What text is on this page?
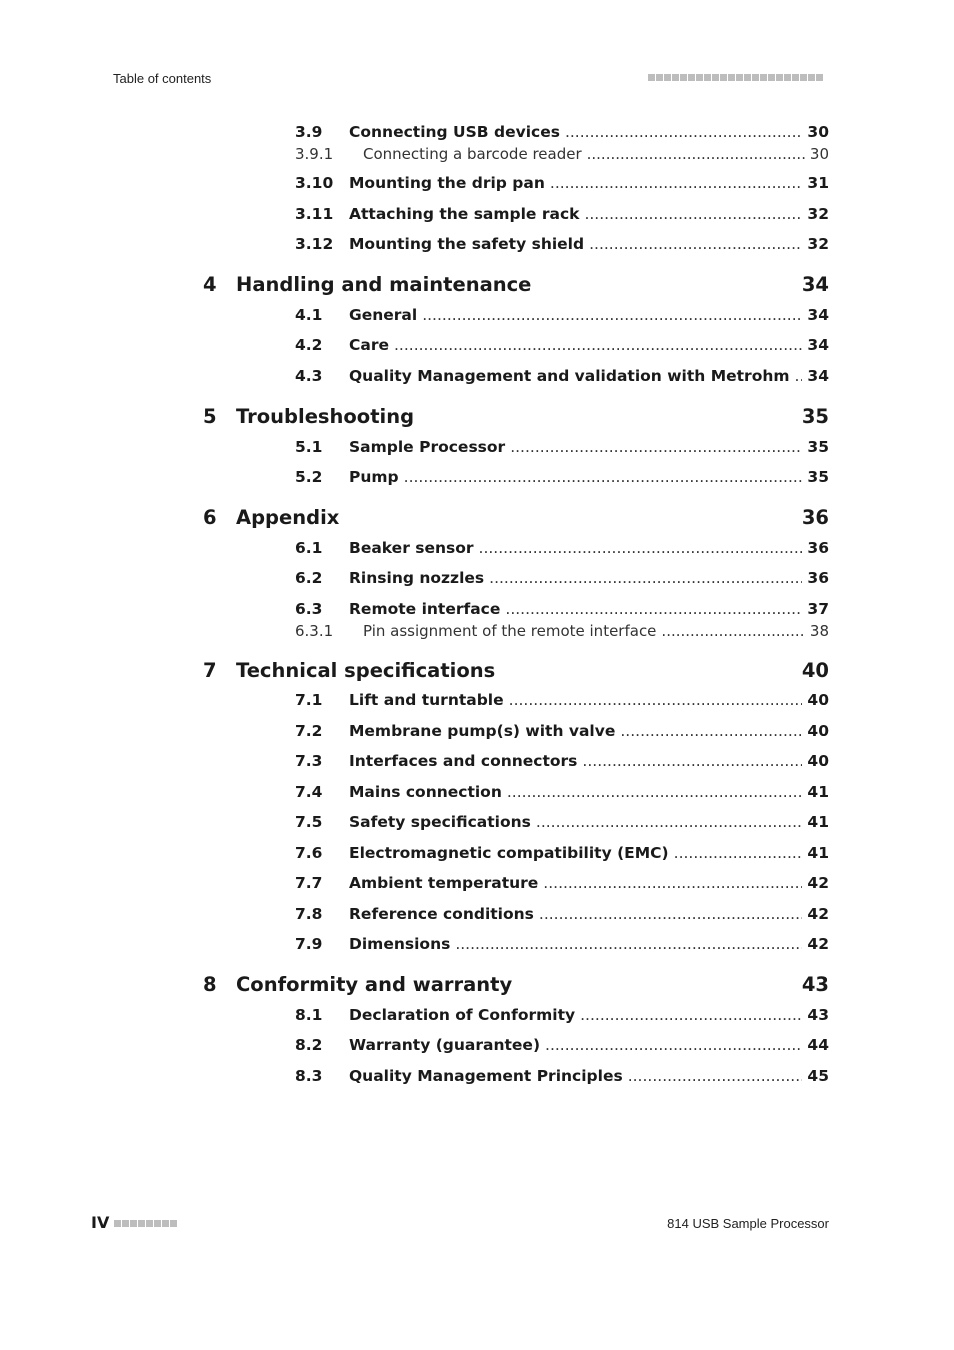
Table of contents
3.9	Connecting USB devices .....	30
3.9.1	Connecting a barcode reader .....	30
3.10	Mounting the drip pan .....	31
3.11	Attaching the sample rack .....	32
3.12	Mounting the safety shield .....	32
4 Handling and maintenance	34
4.1	General .....	34
4.2	Care .....	34
4.3	Quality Management and validation with Metrohm ..... 34
5 Troubleshooting	35
5.1	Sample Processor .....	35
5.2	Pump .....	35
6 Appendix	36
6.1	Beaker sensor .....	36
6.2	Rinsing nozzles .....	36
6.3	Remote interface .....	37
6.3.1	Pin assignment of the remote interface .....	38
7 Technical specifications	40
7.1	Lift and turntable .....	40
7.2	Membrane pump(s) with valve .....	40
7.3	Interfaces and connectors .....	40
7.4	Mains connection .....	41
7.5	Safety specifications .....	41
7.6	Electromagnetic compatibility (EMC) .....	41
7.7	Ambient temperature .....	42
7.8	Reference conditions .....	42
7.9	Dimensions .....	42
8 Conformity and warranty	43
8.1	Declaration of Conformity .....	43
8.2	Warranty (guarantee) .....	44
8.3	Quality Management Principles .....	45
IV	814 USB Sample Processor
